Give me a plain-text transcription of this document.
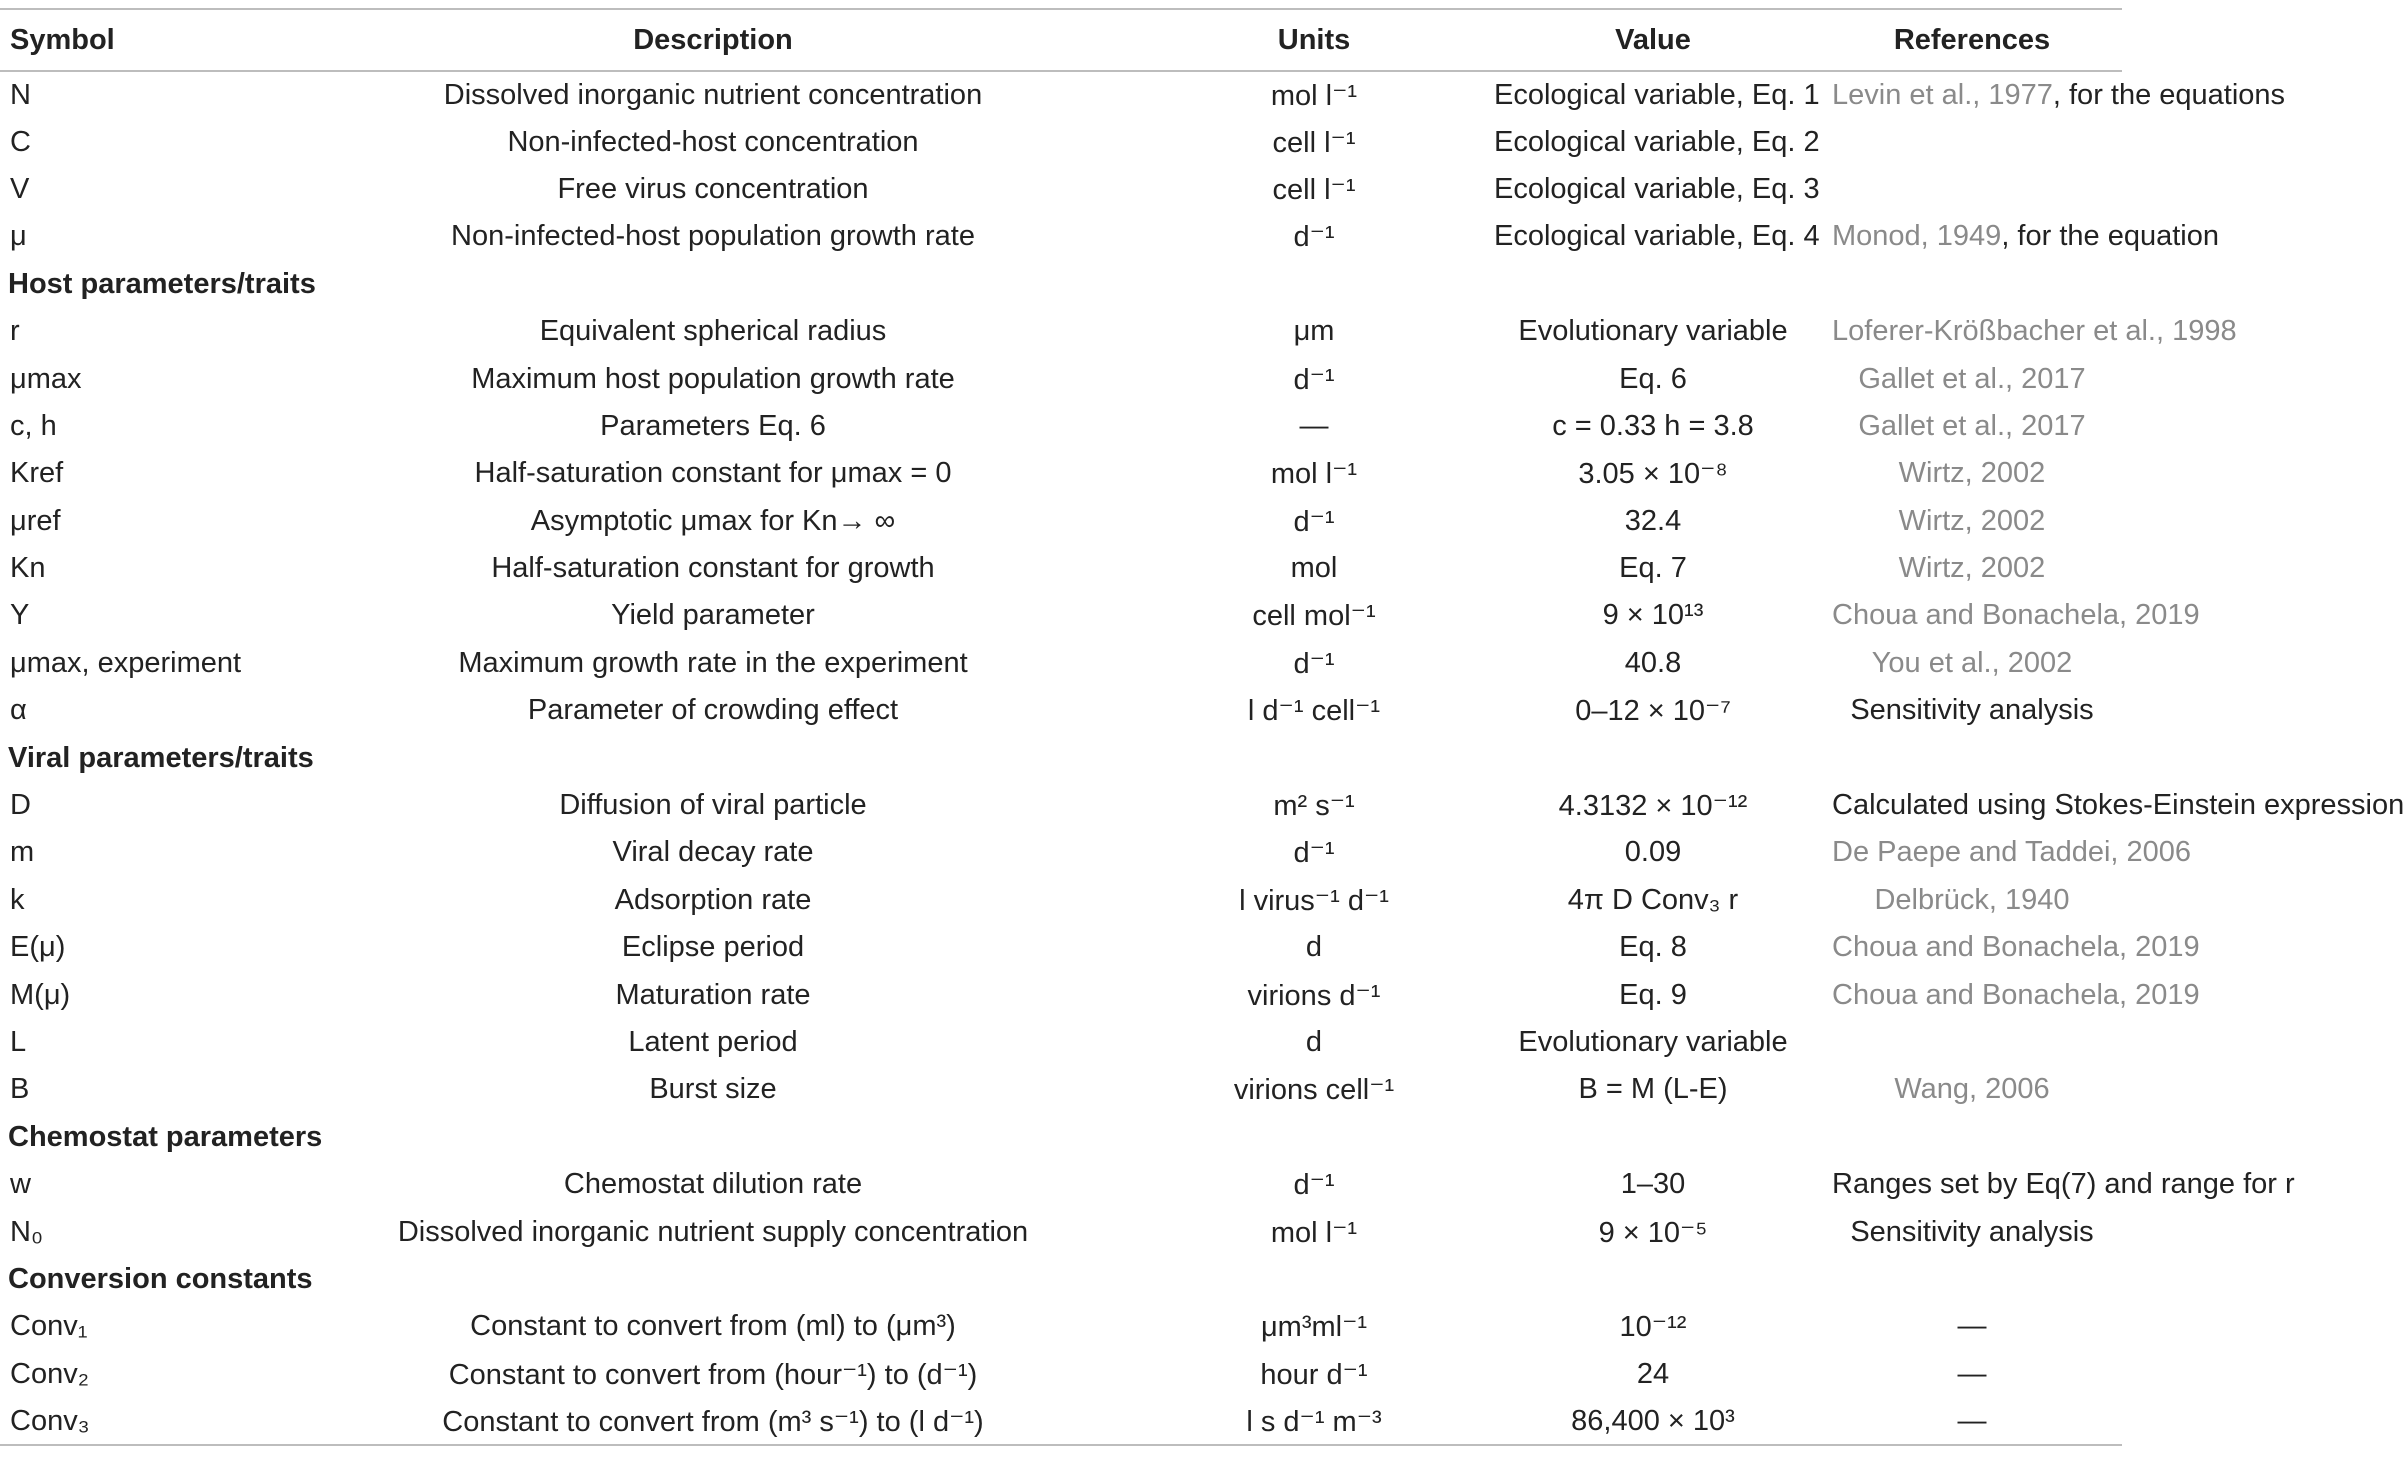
Symbol	Description	Units	Value	References
N	Dissolved inorganic nutrient concentration	mol l⁻¹	Ecological variable, Eq. 1	Levin et al., 1977, for the equations
C	Non-infected-host concentration	cell l⁻¹	Ecological variable, Eq. 2	
V	Free virus concentration	cell l⁻¹	Ecological variable, Eq. 3	
μ	Non-infected-host population growth rate	d⁻¹	Ecological variable, Eq. 4	Monod, 1949, for the equation
Host parameters/traits				
r	Equivalent spherical radius	μm	Evolutionary variable	Loferer-Krößbacher et al., 1998
μmax	Maximum host population growth rate	d⁻¹	Eq. 6	Gallet et al., 2017
c, h	Parameters Eq. 6	—	c = 0.33 h = 3.8	Gallet et al., 2017
Kref	Half-saturation constant for μmax = 0	mol l⁻¹	3.05 × 10⁻⁸	Wirtz, 2002
μref	Asymptotic μmax for Kn→ ∞	d⁻¹	32.4	Wirtz, 2002
Kn	Half-saturation constant for growth	mol	Eq. 7	Wirtz, 2002
Y	Yield parameter	cell mol⁻¹	9 × 10¹³	Choua and Bonachela, 2019
μmax, experiment	Maximum growth rate in the experiment	d⁻¹	40.8	You et al., 2002
α	Parameter of crowding effect	l d⁻¹ cell⁻¹	0–12 × 10⁻⁷	Sensitivity analysis
Viral parameters/traits				
D	Diffusion of viral particle	m² s⁻¹	4.3132 × 10⁻¹²	Calculated using Stokes-Einstein expression
m	Viral decay rate	d⁻¹	0.09	De Paepe and Taddei, 2006
k	Adsorption rate	l virus⁻¹ d⁻¹	4π D Conv₃ r	Delbrück, 1940
E(μ)	Eclipse period	d	Eq. 8	Choua and Bonachela, 2019
M(μ)	Maturation rate	virions d⁻¹	Eq. 9	Choua and Bonachela, 2019
L	Latent period	d	Evolutionary variable	
B	Burst size	virions cell⁻¹	B = M (L-E)	Wang, 2006
Chemostat parameters				
w	Chemostat dilution rate	d⁻¹	1–30	Ranges set by Eq(7) and range for r
N₀	Dissolved inorganic nutrient supply concentration	mol l⁻¹	9 × 10⁻⁵	Sensitivity analysis
Conversion constants				
Conv₁	Constant to convert from (ml) to (μm³)	μm³ml⁻¹	10⁻¹²	—
Conv₂	Constant to convert from (hour⁻¹) to (d⁻¹)	hour d⁻¹	24	—
Conv₃	Constant to convert from (m³ s⁻¹) to (l d⁻¹)	l s d⁻¹ m⁻³	86,400 × 10³	—
